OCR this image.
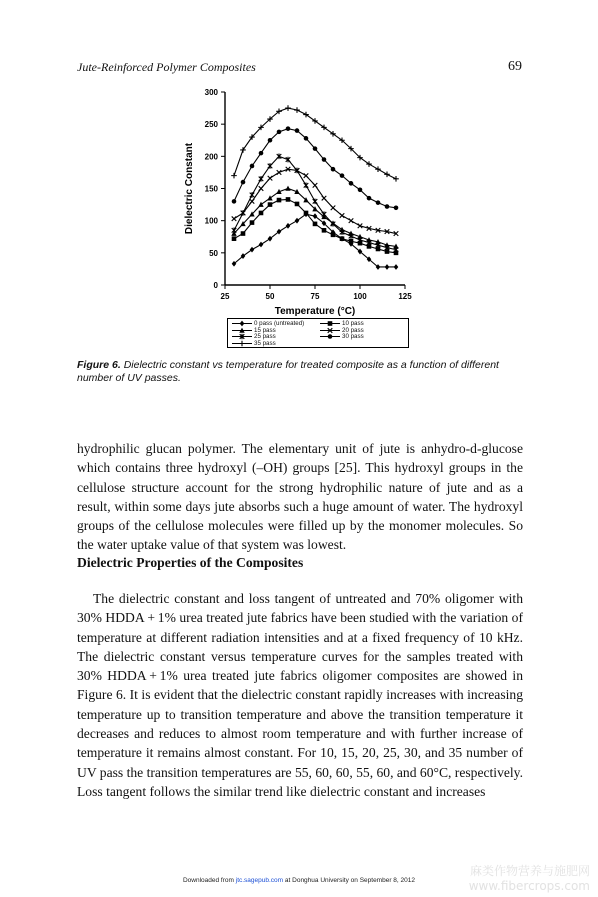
Jute-Reinforced Polymer Composites	69
0
50
100
150
200
250
300
25	50	75	100	125
Dielectric Constant
Temperature (°C)
0 pass (untreated)	10 pass
15 pass	20 pass
25 pass	30 pass
35 pass
Figure 6. Dielectric constant vs temperature for treated composite as a function of different number of UV passes.

hydrophilic glucan polymer. The elementary unit of jute is anhydro-d-glucose which contains three hydroxyl (–OH) groups [25]. This hydroxyl groups in the cellulose structure account for the strong hydrophilic nature of jute and as a result, within some days jute absorbs such a huge amount of water. The hydroxyl groups of the cellulose molecules were filled up by the monomer molecules. So the water uptake value of that system was lowest.

Dielectric Properties of the Composites

The dielectric constant and loss tangent of untreated and 70% oligomer with 30% HDDA + 1% urea treated jute fabrics have been studied with the variation of temperature at different radiation intensities and at a fixed frequency of 10 kHz. The dielectric constant versus temperature curves for the samples treated with 30% HDDA + 1% urea treated jute fabrics oligomer composites are showed in Figure 6. It is evident that the dielectric constant rapidly increases with increasing temperature up to transition temperature and above the transition temperature it decreases and reduces to almost room temperature and with further increase of temperature it remains almost constant. For 10, 15, 20, 25, 30, and 35 number of UV pass the transition temperatures are 55, 60, 60, 55, 60, and 60°C, respectively. Loss tangent follows the similar trend like dielectric constant and increases

Downloaded from jtc.sagepub.com at Donghua University on September 8, 2012
麻类作物营养与施肥网
www.fibercrops.com
